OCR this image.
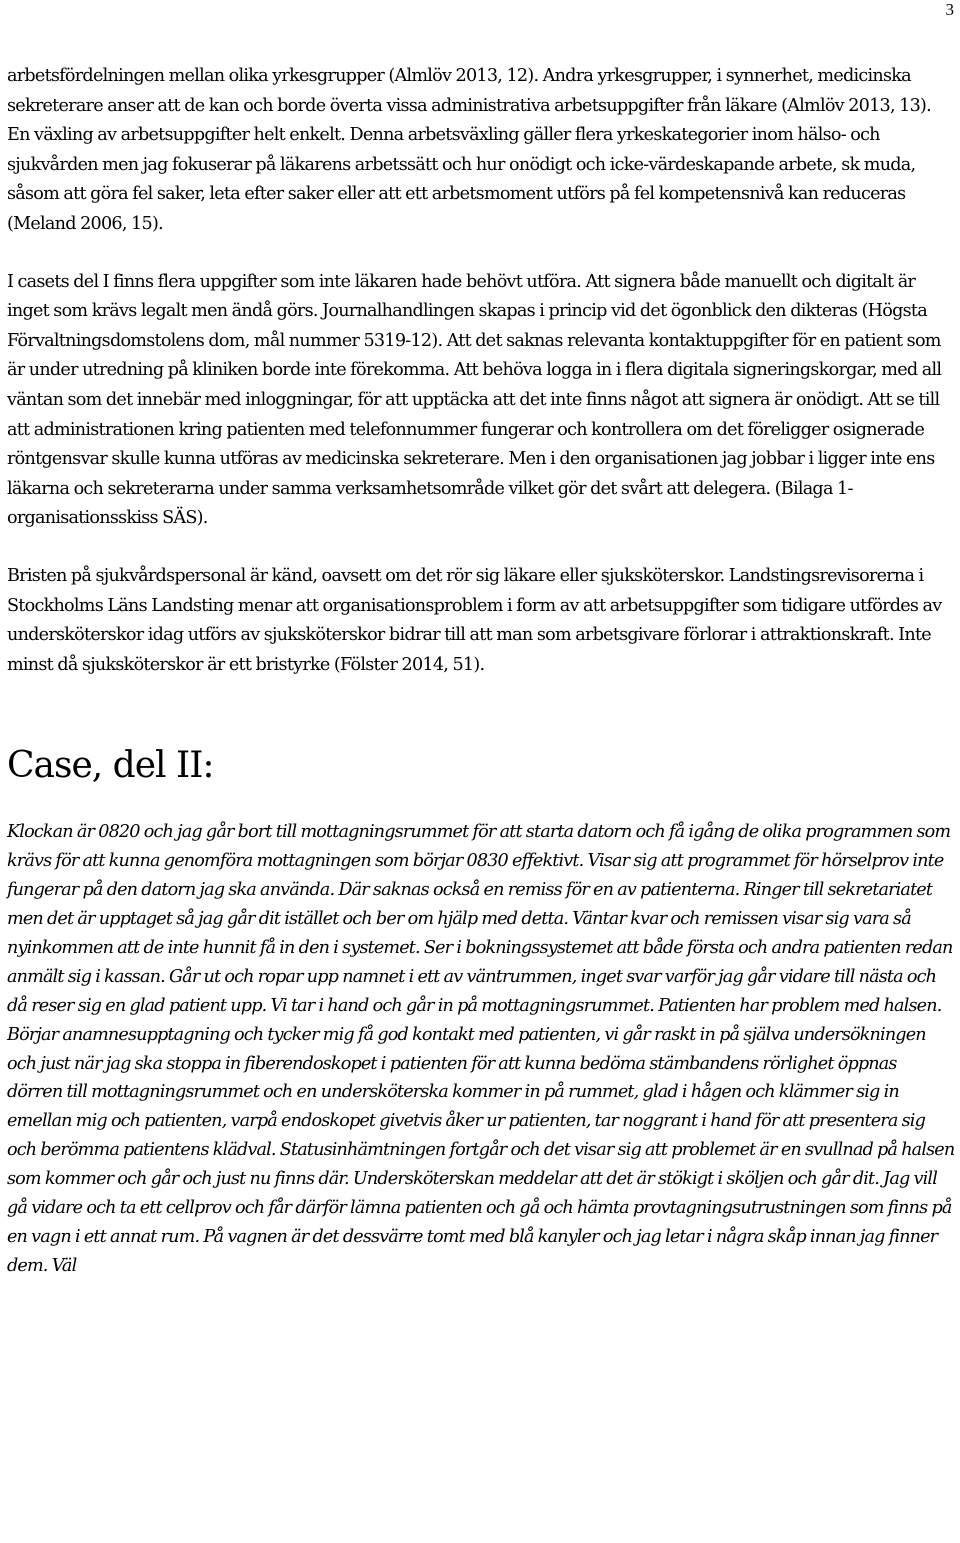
3

arbetsfördelningen mellan olika yrkesgrupper (Almlöv 2013, 12). Andra yrkesgrupper, i synnerhet, medicinska sekreterare anser att de kan och borde överta vissa administrativa arbetsuppgifter från läkare (Almlöv 2013, 13). En växling av arbetsuppgifter helt enkelt. Denna arbetsväxling gäller flera yrkeskategorier inom hälso- och sjukvården men jag fokuserar på läkarens arbetssätt och hur onödigt och icke-värdeskapande arbete, sk muda, såsom att göra fel saker, leta efter saker eller att ett arbetsmoment utförs på fel kompetensnivå kan reduceras (Meland 2006, 15).

I casets del I finns flera uppgifter som inte läkaren hade behövt utföra. Att signera både manuellt och digitalt är inget som krävs legalt men ändå görs. Journalhandlingen skapas i princip vid det ögonblick den dikteras (Högsta Förvaltningsdomstolens dom, mål nummer 5319-12). Att det saknas relevanta kontaktuppgifter för en patient som är under utredning på kliniken borde inte förekomma. Att behöva logga in i flera digitala signeringskorgar, med all väntan som det innebär med inloggningar, för att upptäcka att det inte finns något att signera är onödigt. Att se till att administrationen kring patienten med telefonnummer fungerar och kontrollera om det föreligger osignerade röntgensvar skulle kunna utföras av medicinska sekreterare. Men i den organisationen jag jobbar i ligger inte ens läkarna och sekreterarna under samma verksamhetsområde vilket gör det svårt att delegera. (Bilaga 1-organisationsskiss SÄS).

Bristen på sjukvårdspersonal är känd, oavsett om det rör sig läkare eller sjuksköterskor. Landstingsrevisorerna i Stockholms Läns Landsting menar att organisationsproblem i form av att arbetsuppgifter som tidigare utfördes av undersköterskor idag utförs av sjuksköterskor bidrar till att man som arbetsgivare förlorar i attraktionskraft. Inte minst då sjuksköterskor är ett bristyrke (Fölster 2014, 51).

Case, del II:

Klockan är 0820 och jag går bort till mottagningsrummet för att starta datorn och få igång de olika programmen som krävs för att kunna genomföra mottagningen som börjar 0830 effektivt. Visar sig att programmet för hörselprov inte fungerar på den datorn jag ska använda. Där saknas också en remiss för en av patienterna. Ringer till sekretariatet men det är upptaget så jag går dit istället och ber om hjälp med detta. Väntar kvar och remissen visar sig vara så nyinkommen att de inte hunnit få in den i systemet. Ser i bokningssystemet att både första och andra patienten redan anmält sig i kassan. Går ut och ropar upp namnet i ett av väntrummen, inget svar varför jag går vidare till nästa och då reser sig en glad patient upp. Vi tar i hand och går in på mottagningsrummet. Patienten har problem med halsen. Börjar anamnesupptagning och tycker mig få god kontakt med patienten, vi går raskt in på själva undersökningen och just när jag ska stoppa in fiberendoskopet i patienten för att kunna bedöma stämbandens rörlighet öppnas dörren till mottagningsrummet och en undersköterska kommer in på rummet, glad i hågen och klämmer sig in emellan mig och patienten, varpå endoskopet givetvis åker ur patienten, tar noggrant i hand för att presentera sig och berömma patientens klädval. Statusinhämtningen fortgår och det visar sig att problemet är en svullnad på halsen som kommer och går och just nu finns där. Undersköterskan meddelar att det är stökigt i sköljen och går dit. Jag vill gå vidare och ta ett cellprov och får därför lämna patienten och gå och hämta provtagningsutrustningen som finns på en vagn i ett annat rum. På vagnen är det dessvärre tomt med blå kanyler och jag letar i några skåp innan jag finner dem. Väl
